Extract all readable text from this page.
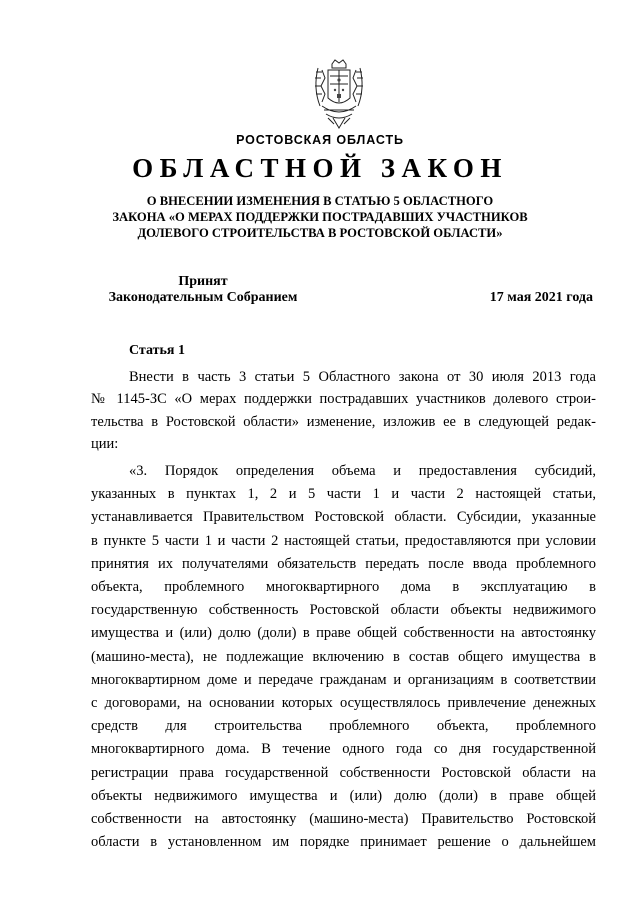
РОСТОВСКАЯ ОБЛАСТЬ
ОБЛАСТНОЙ ЗАКОН
О ВНЕСЕНИИ ИЗМЕНЕНИЯ В СТАТЬЮ 5 ОБЛАСТНОГО
ЗАКОНА «О МЕРАХ ПОДДЕРЖКИ ПОСТРАДАВШИХ УЧАСТНИКОВ
ДОЛЕВОГО СТРОИТЕЛЬСТВА В РОСТОВСКОЙ ОБЛАСТИ»
Принят
Законодательным Собранием	17 мая 2021 года
Статья 1
Внести в часть 3 статьи 5 Областного закона от 30 июля 2013 года
№ 1145-ЗС «О мерах поддержки пострадавших участников долевого строи-
тельства в Ростовской области» изменение, изложив ее в следующей редак-
ции:
«3. Порядок определения объема и предоставления субсидий,
указанных в пунктах 1, 2 и 5 части 1 и части 2 настоящей статьи,
устанавливается Правительством Ростовской области. Субсидии, указанные
в пункте 5 части 1 и части 2 настоящей статьи, предоставляются при условии
принятия их получателями обязательств передать после ввода проблемного
объекта, проблемного многоквартирного дома в эксплуатацию в
государственную собственность Ростовской области объекты недвижимого
имущества и (или) долю (доли) в праве общей собственности на автостоянку
(машино-места), не подлежащие включению в состав общего имущества в
многоквартирном доме и передаче гражданам и организациям в соответствии
с договорами, на основании которых осуществлялось привлечение денежных
средств для строительства проблемного объекта, проблемного
многоквартирного дома. В течение одного года со дня государственной
регистрации права государственной собственности Ростовской области на
объекты недвижимого имущества и (или) долю (доли) в праве общей
собственности на автостоянку (машино-места) Правительство Ростовской
области в установленном им порядке принимает решение о дальнейшем
